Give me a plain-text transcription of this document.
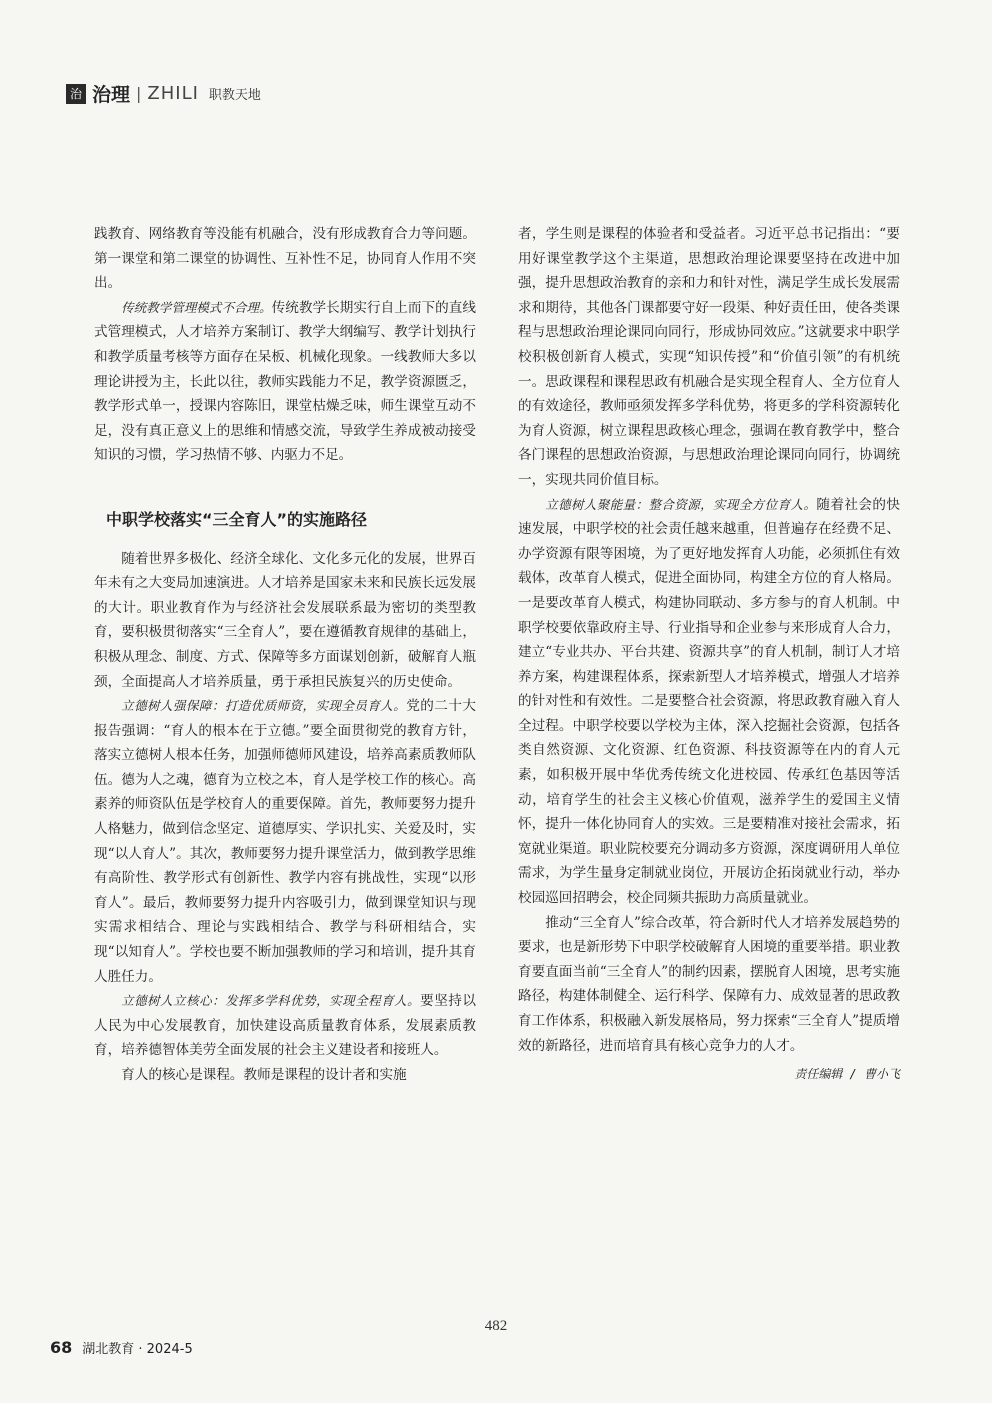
治 治理 | ZHILI 职教天地

践教育、网络教育等没能有机融合，没有形成教育合力等问题。第一课堂和第二课堂的协调性、互补性不足，协同育人作用不突出。

传统教学管理模式不合理。传统教学长期实行自上而下的直线式管理模式，人才培养方案制订、教学大纲编写、教学计划执行和教学质量考核等方面存在呆板、机械化现象。一线教师大多以理论讲授为主，长此以往，教师实践能力不足，教学资源匮乏，教学形式单一，授课内容陈旧，课堂枯燥乏味，师生课堂互动不足，没有真正意义上的思维和情感交流，导致学生养成被动接受知识的习惯，学习热情不够、内驱力不足。

中职学校落实“三全育人”的实施路径

随着世界多极化、经济全球化、文化多元化的发展，世界百年未有之大变局加速演进。人才培养是国家未来和民族长远发展的大计。职业教育作为与经济社会发展联系最为密切的类型教育，要积极贯彻落实“三全育人”，要在遵循教育规律的基础上，积极从理念、制度、方式、保障等多方面谋划创新，破解育人瓶颈，全面提高人才培养质量，勇于承担民族复兴的历史使命。

立德树人强保障：打造优质师资，实现全员育人。党的二十大报告强调：“育人的根本在于立德。”要全面贯彻党的教育方针，落实立德树人根本任务，加强师德师风建设，培养高素质教师队伍。德为人之魂，德育为立校之本，育人是学校工作的核心。高素养的师资队伍是学校育人的重要保障。首先，教师要努力提升人格魅力，做到信念坚定、道德厚实、学识扎实、关爱及时，实现“以人育人”。其次，教师要努力提升课堂活力，做到教学思维有高阶性、教学形式有创新性、教学内容有挑战性，实现“以形育人”。最后，教师要努力提升内容吸引力，做到课堂知识与现实需求相结合、理论与实践相结合、教学与科研相结合，实现“以知育人”。学校也要不断加强教师的学习和培训，提升其育人胜任力。

立德树人立核心：发挥多学科优势，实现全程育人。要坚持以人民为中心发展教育，加快建设高质量教育体系，发展素质教育，培养德智体美劳全面发展的社会主义建设者和接班人。

育人的核心是课程。教师是课程的设计者和实施

者，学生则是课程的体验者和受益者。习近平总书记指出：“要用好课堂教学这个主渠道，思想政治理论课要坚持在改进中加强，提升思想政治教育的亲和力和针对性，满足学生成长发展需求和期待，其他各门课都要守好一段渠、种好责任田，使各类课程与思想政治理论课同向同行，形成协同效应。”这就要求中职学校积极创新育人模式，实现“知识传授”和“价值引领”的有机统一。思政课程和课程思政有机融合是实现全程育人、全方位育人的有效途径，教师亟须发挥多学科优势，将更多的学科资源转化为育人资源，树立课程思政核心理念，强调在教育教学中，整合各门课程的思想政治资源，与思想政治理论课同向同行，协调统一，实现共同价值目标。

立德树人聚能量：整合资源，实现全方位育人。随着社会的快速发展，中职学校的社会责任越来越重，但普遍存在经费不足、办学资源有限等困境，为了更好地发挥育人功能，必须抓住有效载体，改革育人模式，促进全面协同，构建全方位的育人格局。一是要改革育人模式，构建协同联动、多方参与的育人机制。中职学校要依靠政府主导、行业指导和企业参与来形成育人合力，建立“专业共办、平台共建、资源共享”的育人机制，制订人才培养方案，构建课程体系，探索新型人才培养模式，增强人才培养的针对性和有效性。二是要整合社会资源，将思政教育融入育人全过程。中职学校要以学校为主体，深入挖掘社会资源，包括各类自然资源、文化资源、红色资源、科技资源等在内的育人元素，如积极开展中华优秀传统文化进校园、传承红色基因等活动，培育学生的社会主义核心价值观，滋养学生的爱国主义情怀，提升一体化协同育人的实效。三是要精准对接社会需求，拓宽就业渠道。职业院校要充分调动多方资源，深度调研用人单位需求，为学生量身定制就业岗位，开展访企拓岗就业行动，举办校园巡回招聘会，校企同频共振助力高质量就业。

推动“三全育人”综合改革，符合新时代人才培养发展趋势的要求，也是新形势下中职学校破解育人困境的重要举措。职业教育要直面当前“三全育人”的制约因素，摆脱育人困境，思考实施路径，构建体制健全、运行科学、保障有力、成效显著的思政教育工作体系，积极融入新发展格局，努力探索“三全育人”提质增效的新路径，进而培育具有核心竞争力的人才。

责任编辑 / 曹小飞
482
68 湖北教育 · 2024-5
